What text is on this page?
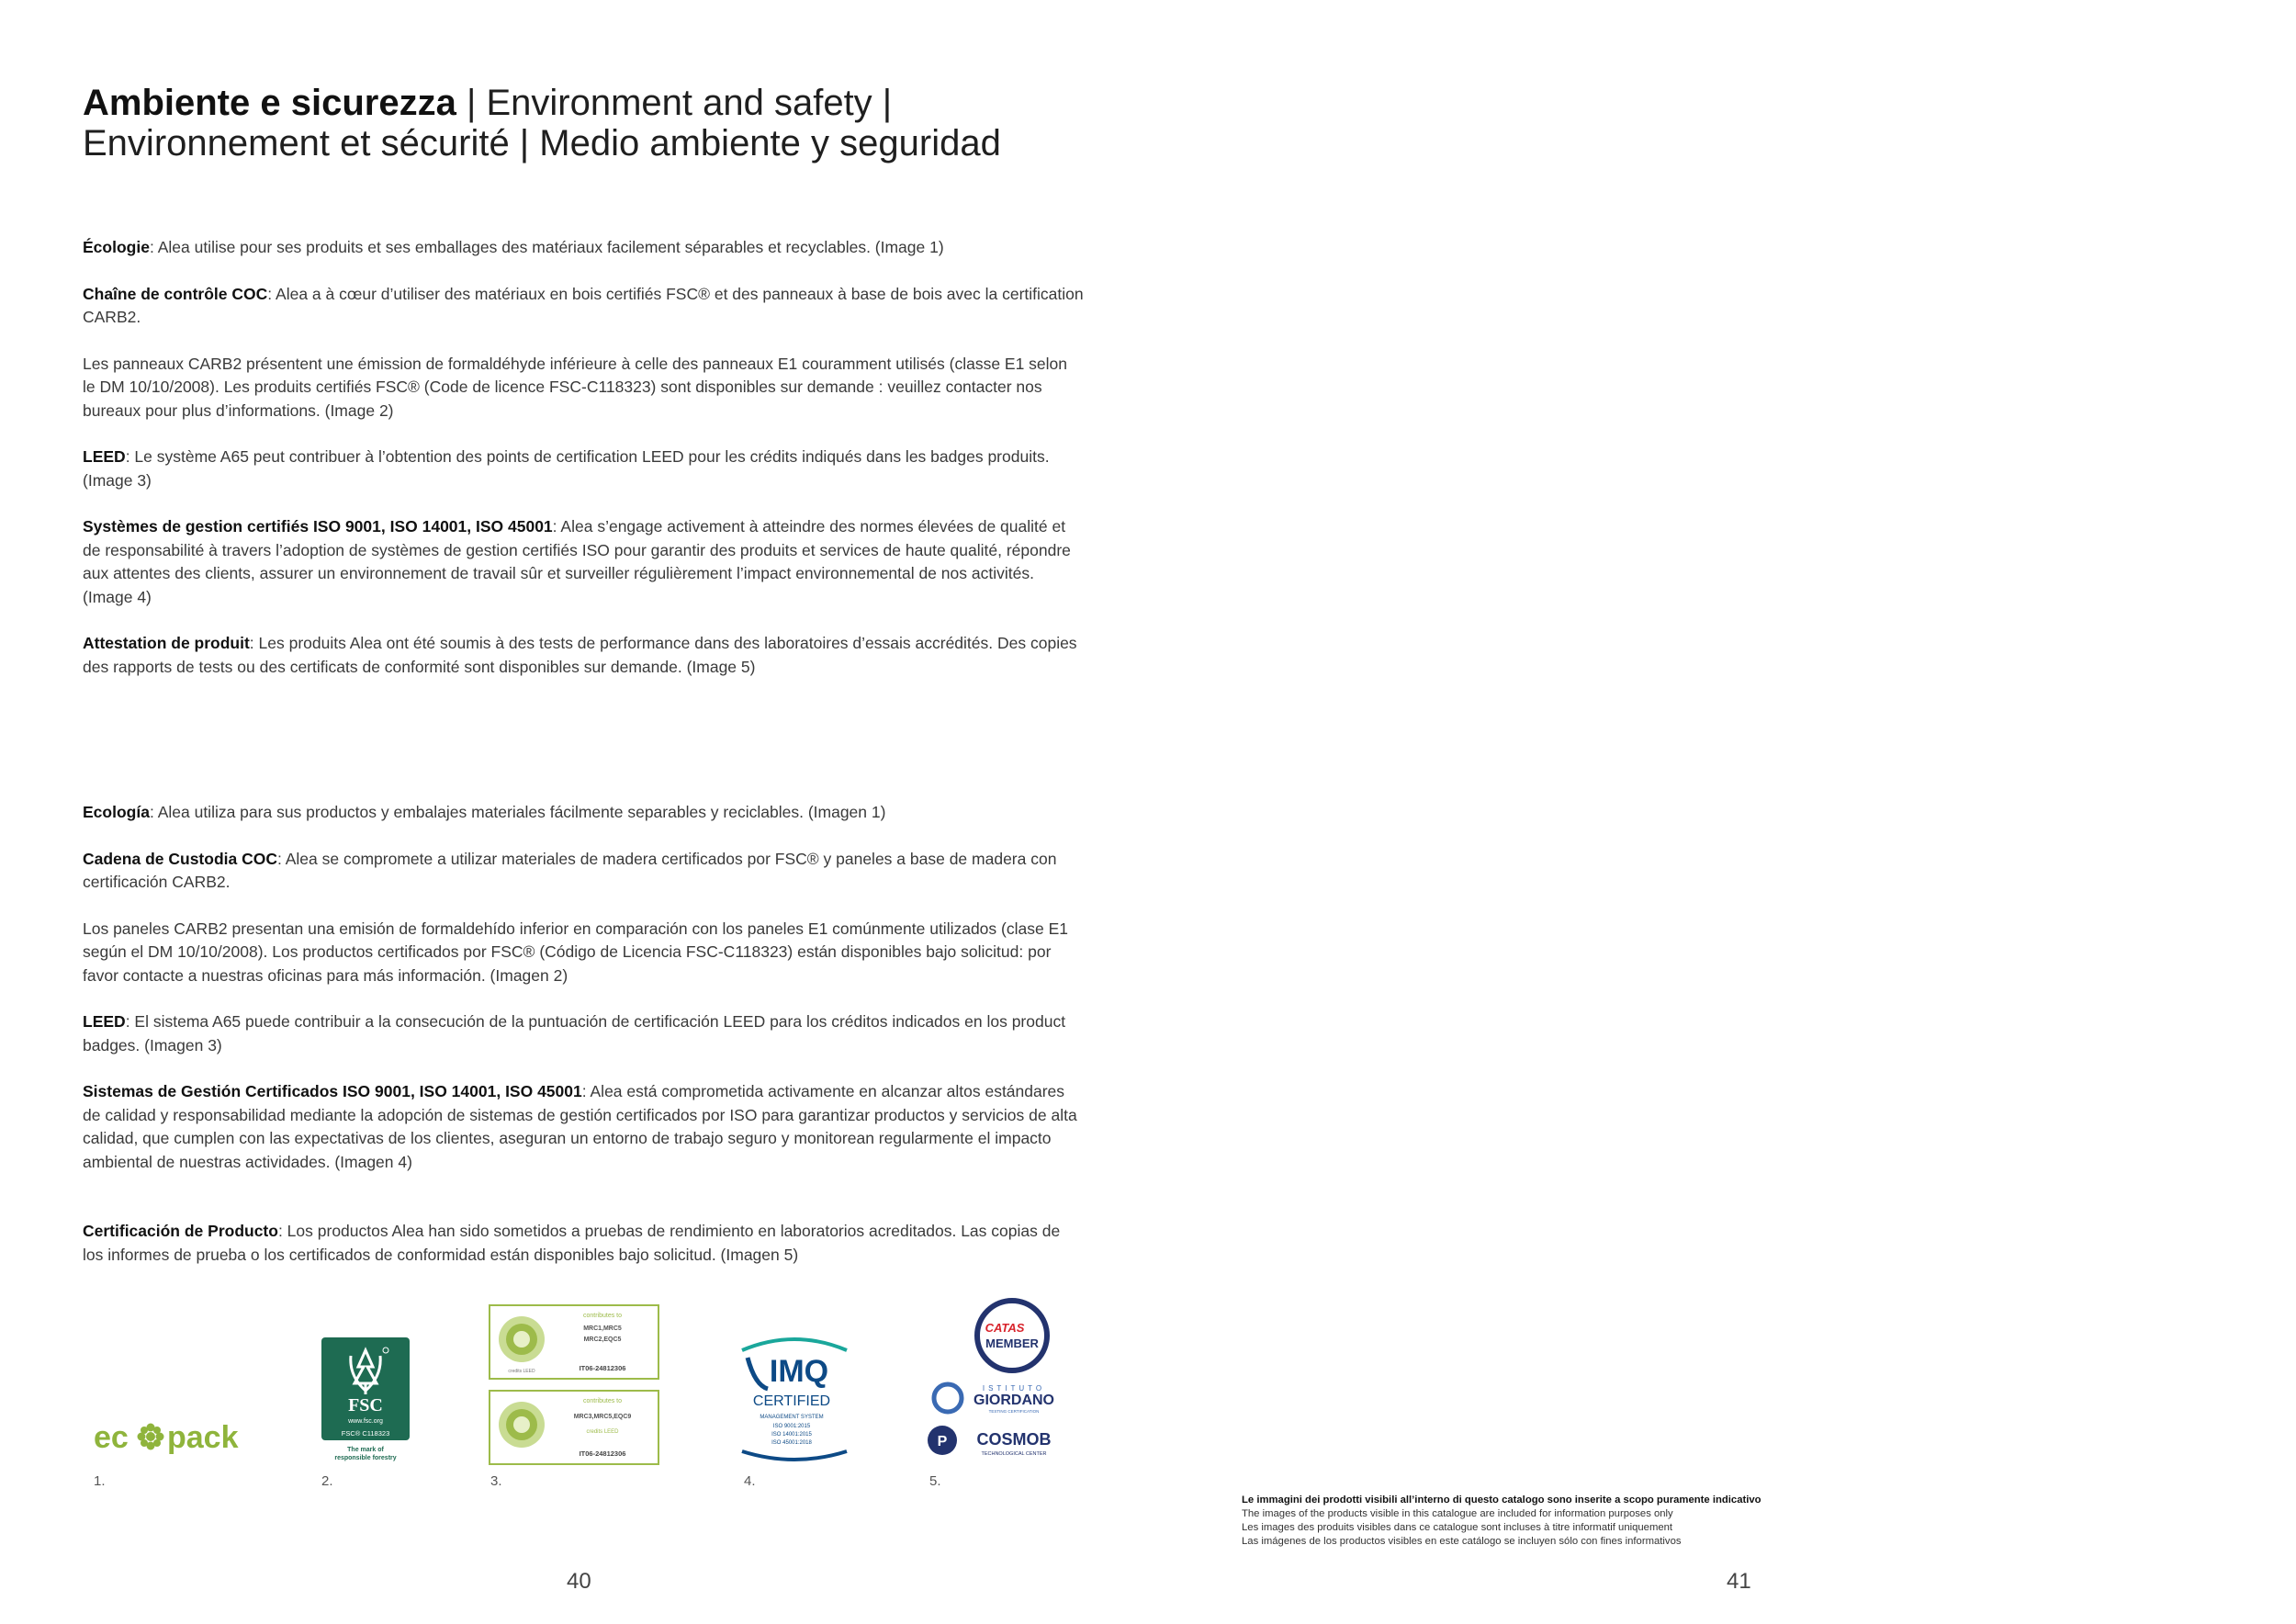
Ambiente e sicurezza | Environment and safety |
Environnement et sécurité | Medio ambiente y seguridad

Écologie: Alea utilise pour ses produits et ses emballages des matériaux facilement séparables et recyclables. (Image 1)

Chaîne de contrôle COC: Alea a à cœur d’utiliser des matériaux en bois certifiés FSC® et des panneaux à base de bois avec la certification CARB2.

Les panneaux CARB2 présentent une émission de formaldéhyde inférieure à celle des panneaux E1 couramment utilisés (classe E1 selon le DM 10/10/2008). Les produits certifiés FSC® (Code de licence FSC-C118323) sont disponibles sur demande : veuillez contacter nos bureaux pour plus d’informations. (Image 2)

LEED: Le système A65 peut contribuer à l’obtention des points de certification LEED pour les crédits indiqués dans les badges produits. (Image 3)

Systèmes de gestion certifiés ISO 9001, ISO 14001, ISO 45001: Alea s’engage activement à atteindre des normes élevées de qualité et de responsabilité à travers l’adoption de systèmes de gestion certifiés ISO pour garantir des produits et services de haute qualité, répondre aux attentes des clients, assurer un environnement de travail sûr et surveiller régulièrement l’impact environnemental de nos activités. (Image 4)

Attestation de produit: Les produits Alea ont été soumis à des tests de performance dans des laboratoires d’essais accrédités. Des copies des rapports de tests ou des certificats de conformité sont disponibles sur demande. (Image 5)

Ecología: Alea utiliza para sus productos y embalajes materiales fácilmente separables y reciclables. (Imagen 1)

Cadena de Custodia COC: Alea se compromete a utilizar materiales de madera certificados por FSC® y paneles a base de madera con certificación CARB2.

Los paneles CARB2 presentan una emisión de formaldehído inferior en comparación con los paneles E1 comúnmente utilizados (clase E1 según el DM 10/10/2008). Los productos certificados por FSC® (Código de Licencia FSC-C118323) están disponibles bajo solicitud: por favor contacte a nuestras oficinas para más información. (Imagen 2)

LEED: El sistema A65 puede contribuir a la consecución de la puntuación de certificación LEED para los créditos indicados en los product badges. (Imagen 3)

Sistemas de Gestión Certificados ISO 9001, ISO 14001, ISO 45001: Alea está comprometida activamente en alcanzar altos estándares de calidad y responsabilidad mediante la adopción de sistemas de gestión certificados por ISO para garantizar productos y servicios de alta calidad, que cumplen con las expectativas de los clientes, aseguran un entorno de trabajo seguro y monitorean regularmente el impacto ambiental de nuestras actividades. (Imagen 4)

Certificación de Producto: Los productos Alea han sido sometidos a pruebas de rendimiento en laboratorios acreditados. Las copias de los informes de prueba o los certificados de conformidad están disponibles bajo solicitud. (Imagen 5)

ec pack
FSC
www.fsc.org
FSC® C118323
The mark of
responsible forestry
credits LEED
contributes to
MRC1,MRC5
MRC2,EQC5
IT06-24812306
contributes to
MRC3,MRC5,EQC9
credits LEED
IT06-24812306
IMQ
CERTIFIED
MANAGEMENT SYSTEM
ISO 9001:2015
ISO 14001:2015
ISO 45001:2018
CATAS
MEMBER
ISTITUTO
GIORDANO
TESTING CERTIFICATION
P COSMOB
TECHNOLOGICAL CENTER
1.	2.	3.	4.	5.
Le immagini dei prodotti visibili all’interno di questo catalogo sono inserite a scopo puramente indicativo
The images of the products visible in this catalogue are included for information purposes only
Les images des produits visibles dans ce catalogue sont incluses à titre informatif uniquement
Las imágenes de los productos visibles en este catálogo se incluyen sólo con fines informativos
40	41
